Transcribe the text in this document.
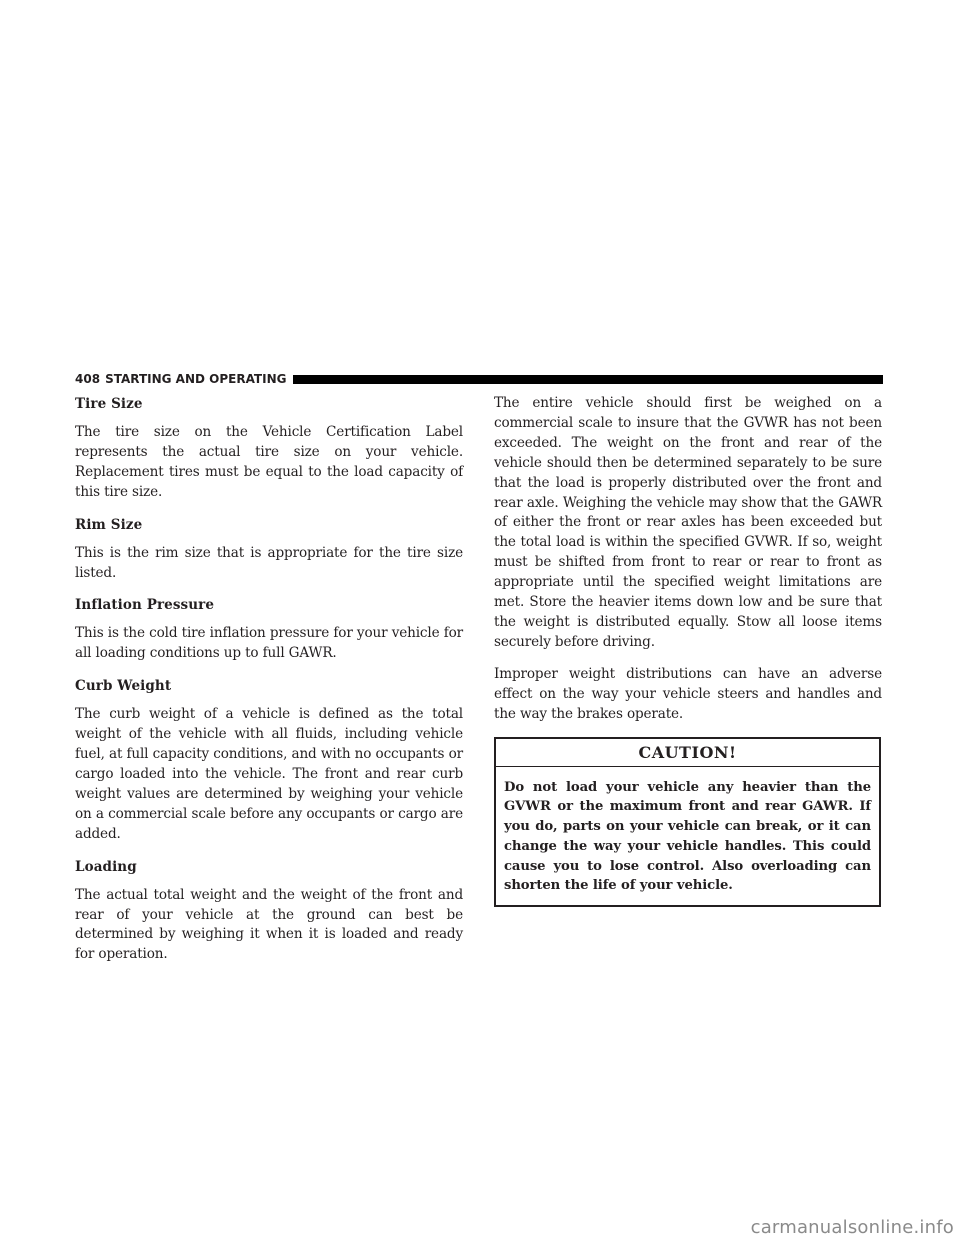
408 STARTING AND OPERATING
Tire Size

The tire size on the Vehicle Certification Label represents the actual tire size on your vehicle. Replacement tires must be equal to the load capacity of this tire size.

Rim Size

This is the rim size that is appropriate for the tire size listed.

Inflation Pressure

This is the cold tire inflation pressure for your vehicle for all loading conditions up to full GAWR.

Curb Weight

The curb weight of a vehicle is defined as the total weight of the vehicle with all fluids, including vehicle fuel, at full capacity conditions, and with no occupants or cargo loaded into the vehicle. The front and rear curb weight values are determined by weighing your vehicle on a commercial scale before any occupants or cargo are added.

Loading

The actual total weight and the weight of the front and rear of your vehicle at the ground can best be determined by weighing it when it is loaded and ready for operation.

The entire vehicle should first be weighed on a commercial scale to insure that the GVWR has not been exceeded. The weight on the front and rear of the vehicle should then be determined separately to be sure that the load is properly distributed over the front and rear axle. Weighing the vehicle may show that the GAWR of either the front or rear axles has been exceeded but the total load is within the specified GVWR. If so, weight must be shifted from front to rear or rear to front as appropriate until the specified weight limitations are met. Store the heavier items down low and be sure that the weight is distributed equally. Stow all loose items securely before driving.

Improper weight distributions can have an adverse effect on the way your vehicle steers and handles and the way the brakes operate.

CAUTION!

Do not load your vehicle any heavier than the GVWR or the maximum front and rear GAWR. If you do, parts on your vehicle can break, or it can change the way your vehicle handles. This could cause you to lose control. Also overloading can shorten the life of your vehicle.

carmanualsonline.info
